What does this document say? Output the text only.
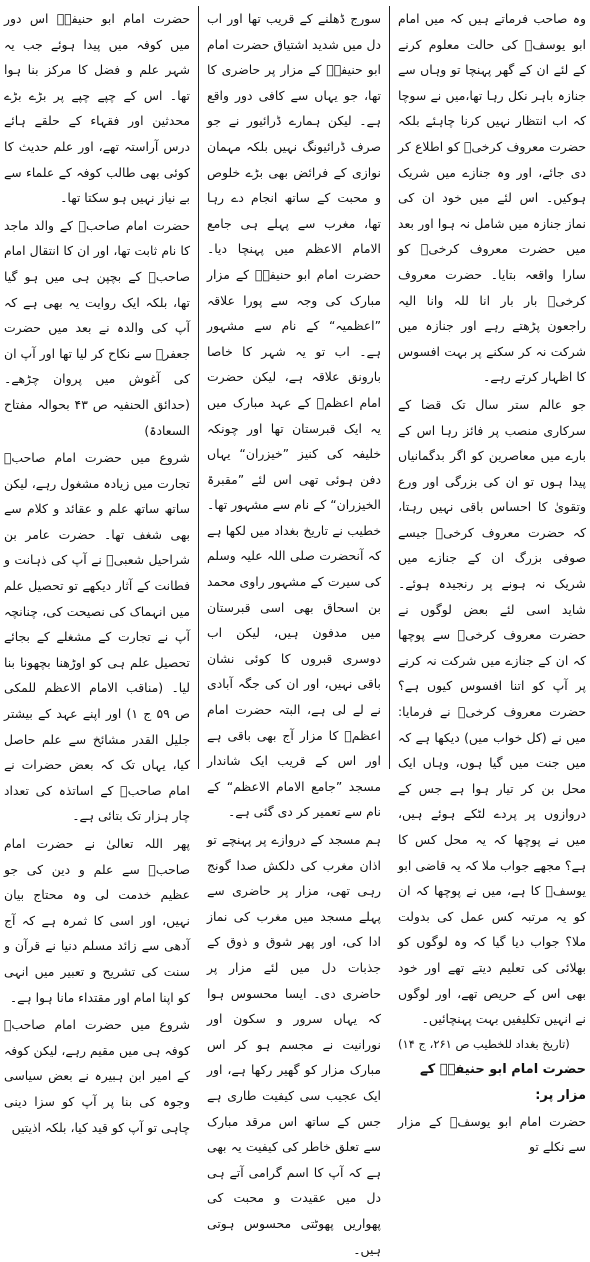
وہ صاحب فرماتے ہیں کہ میں امام ابو یوسفؒ کی حالت معلوم کرنے کے لئے ان کے گھر پہنچا تو وہاں سے جنازہ باہر نکل رہا تھا،میں نے سوچا کہ اب انتظار نہیں کرنا چاہئے بلکہ حضرت معروف کرخیؒ کو اطلاع کر دی جائے، اور وہ جنازے میں شریک ہوکیں۔ اس لئے میں خود ان کی نماز جنازہ میں شامل نہ ہوا اور بعد میں حضرت معروف کرخیؒ کو سارا واقعہ بتایا۔ حضرت معروف کرخیؒ بار بار انا للہ وانا الیہ راجعون پڑھتے رہے اور جنازہ میں شرکت نہ کر سکنے پر بہت افسوس کا اظہار کرتے رہے۔

جو عالم ستر سال تک قضا کے سرکاری منصب پر فائز رہا اس کے بارے میں معاصرین کو اگر بدگمانیاں پیدا ہوں تو ان کی بزرگی اور ورع وتقویٰ کا احساس باقی نہیں رہتا، کہ حضرت معروف کرخیؒ جیسے صوفی بزرگ ان کے جنازے میں شریک نہ ہونے پر رنجیدہ ہوئے۔ شاید اسی لئے بعض لوگوں نے حضرت معروف کرخیؒ سے پوچھا کہ ان کے جنازے میں شرکت نہ کرنے پر آپ کو اتنا افسوس کیوں ہے؟ حضرت معروف کرخیؒ نے فرمایا: میں نے (کل خواب میں) دیکھا ہے کہ میں جنت میں گیا ہوں، وہاں ایک محل بن کر تیار ہوا ہے جس کے دروازوں پر پردے لٹکے ہوئے ہیں، میں نے پوچھا کہ یہ محل کس کا ہے؟ مجھے جواب ملا کہ یہ قاضی ابو یوسفؒ کا ہے، میں نے پوچھا کہ ان کو یہ مرتبہ کس عمل کی بدولت ملا؟ جواب دیا گیا کہ وہ لوگوں کو بھلائی کی تعلیم دیتے تھے اور خود بھی اس کے حریص تھے، اور لوگوں نے انہیں تکلیفیں بہت پہنچائیں۔

(تاریخ بغداد للخطیب ص ۲۶۱، ج ۱۴)

حضرت امام ابو حنیفہؒ کے مزار پر:

حضرت امام ابو یوسفؒ کے مزار سے نکلے تو

سورج ڈھلنے کے قریب تھا اور اب دل میں شدید اشتیاق حضرت امام ابو حنیفہؒ کے مزار پر حاضری کا تھا، جو یہاں سے کافی دور واقع ہے۔ لیکن ہمارے ڈرائیور نے جو صرف ڈرائیونگ نہیں بلکہ مہمان نوازی کے فرائض بھی بڑے خلوص و محبت کے ساتھ انجام دے رہا تھا، مغرب سے پہلے ہی جامع الامام الاعظم میں پہنچا دیا۔ حضرت امام ابو حنیفہؒ کے مزار مبارک کی وجہ سے پورا علاقہ ”اعظمیہ“ کے نام سے مشہور ہے۔ اب تو یہ شہر کا خاصا بارونق علاقہ ہے، لیکن حضرت امام اعظمؒ کے عہد مبارک میں یہ ایک قبرستان تھا اور چونکہ خلیفہ کی کنیز ”خیزران“ یہاں دفن ہوئی تھی اس لئے ”مقبرۃ الخیزران“ کے نام سے مشہور تھا۔ خطیب نے تاریخ بغداد میں لکھا ہے کہ آنحضرت صلی اللہ علیہ وسلم کی سیرت کے مشہور راوی محمد بن اسحاق بھی اسی قبرستان میں مدفون ہیں، لیکن اب دوسری قبروں کا کوئی نشان باقی نہیں، اور ان کی جگہ آبادی نے لے لی ہے، البتہ حضرت امام اعظمؒ کا مزار آج بھی باقی ہے اور اس کے قریب ایک شاندار مسجد ”جامع الامام الاعظم“ کے نام سے تعمیر کر دی گئی ہے۔

ہم مسجد کے دروازے پر پہنچے تو اذان مغرب کی دلکش صدا گونج رہی تھی، مزار پر حاضری سے پہلے مسجد میں مغرب کی نماز ادا کی، اور پھر شوق و ذوق کے جذبات دل میں لئے مزار پر حاضری دی۔ ایسا محسوس ہوا کہ یہاں سرور و سکون اور نورانیت نے مجسم ہو کر اس مبارک مزار کو گھیر رکھا ہے، اور ایک عجیب سی کیفیت طاری ہے جس کے ساتھ اس مرقد مبارک سے تعلق خاطر کی کیفیت یہ بھی ہے کہ آپ کا اسم گرامی آتے ہی دل میں عقیدت و محبت کی پھواریں پھوٹتی محسوس ہوتی ہیں۔

حضرت امام ابو حنیفہؒ اس دور میں کوفہ میں پیدا ہوئے جب یہ شہر علم و فضل کا مرکز بنا ہوا تھا۔ اس کے چپے چپے پر بڑے بڑے محدثین اور فقہاء کے حلقے ہائے درس آراستہ تھے، اور علم حدیث کا کوئی بھی طالب کوفہ کے علماء سے بے نیاز نہیں ہو سکتا تھا۔

حضرت امام صاحبؒ کے والد ماجد کا نام ثابت تھا، اور ان کا انتقال امام صاحبؒ کے بچپن ہی میں ہو گیا تھا، بلکہ ایک روایت یہ بھی ہے کہ آپ کی والدہ نے بعد میں حضرت جعفرؒ سے نکاح کر لیا تھا اور آپ ان کی آغوش میں پروان چڑھے۔ (حدائق الحنفیہ ص ۴۳ بحوالہ مفتاح السعادۃ)

شروع میں حضرت امام صاحبؒ تجارت میں زیادہ مشغول رہے، لیکن ساتھ ساتھ علم و عقائد و کلام سے بھی شغف تھا۔ حضرت عامر بن شراحیل شعبیؒ نے آپ کی ذہانت و فطانت کے آثار دیکھے تو تحصیل علم میں انہماک کی نصیحت کی، چنانچہ آپ نے تجارت کے مشغلے کے بجائے تحصیل علم ہی کو اوڑھنا بچھونا بنا لیا۔ (مناقب الامام الاعظم للمکی ص ۵۹ ج ۱) اور اپنے عہد کے بیشتر جلیل القدر مشائخ سے علم حاصل کیا، یہاں تک کہ بعض حضرات نے امام صاحبؒ کے اساتذہ کی تعداد چار ہزار تک بتائی ہے۔

پھر اللہ تعالیٰ نے حضرت امام صاحبؒ سے علم و دین کی جو عظیم خدمت لی وہ محتاج بیان نہیں، اور اسی کا ثمرہ ہے کہ آج آدھی سے زائد مسلم دنیا نے قرآن و سنت کی تشریح و تعبیر میں انہی کو اپنا امام اور مقتداء مانا ہوا ہے۔

شروع میں حضرت امام صاحبؒ کوفہ ہی میں مقیم رہے، لیکن کوفہ کے امیر ابن ہبیرہ نے بعض سیاسی وجوہ کی بنا پر آپ کو سزا دینی چاہی تو آپ کو قید کیا، بلکہ اذیتیں
